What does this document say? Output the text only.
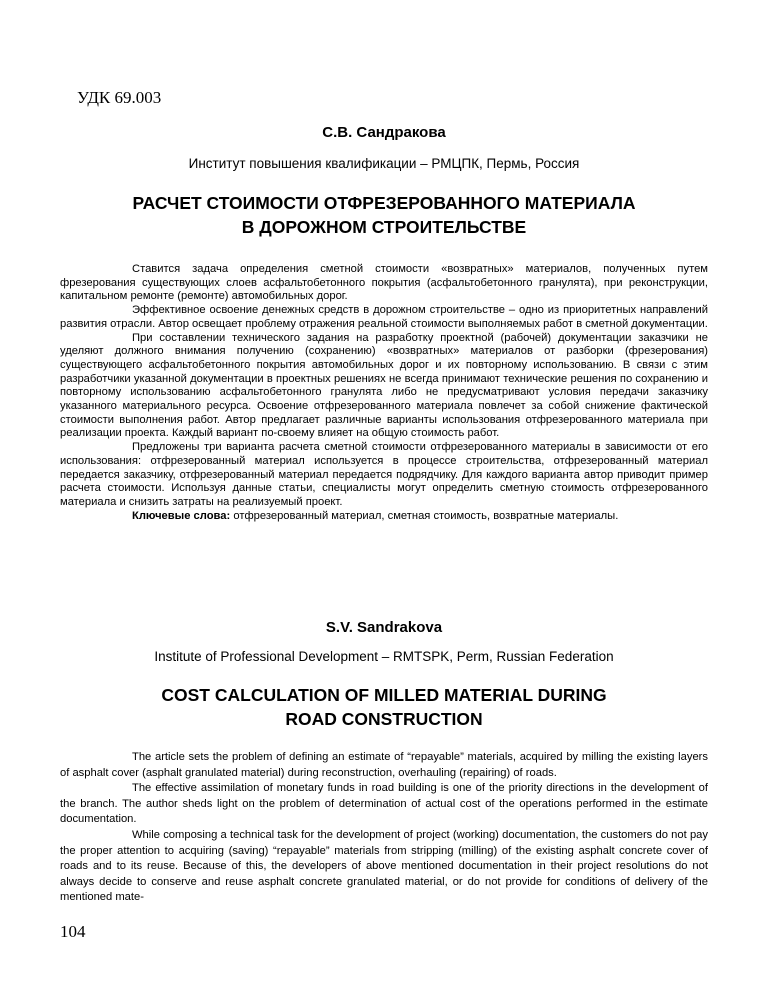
УДК 69.003
С.В. Сандракова
Институт повышения квалификации – РМЦПК, Пермь, Россия
РАСЧЕТ СТОИМОСТИ ОТФРЕЗЕРОВАННОГО МАТЕРИАЛА
В ДОРОЖНОМ СТРОИТЕЛЬСТВЕ

Ставится задача определения сметной стоимости «возвратных» материалов, полученных путем фрезерования существующих слоев асфальтобетонного покрытия (асфальтобетонного гранулята), при реконструкции, капитальном ремонте (ремонте) автомобильных дорог.

Эффективное освоение денежных средств в дорожном строительстве – одно из приоритетных направлений развития отрасли. Автор освещает проблему отражения реальной стоимости выполняемых работ в сметной документации.

При составлении технического задания на разработку проектной (рабочей) документации заказчики не уделяют должного внимания получению (сохранению) «возвратных» материалов от разборки (фрезерования) существующего асфальтобетонного покрытия автомобильных дорог и их повторному использованию. В связи с этим разработчики указанной документации в проектных решениях не всегда принимают технические решения по сохранению и повторному использованию асфальтобетонного гранулята либо не предусматривают условия передачи заказчику указанного материального ресурса. Освоение отфрезерованного материала повлечет за собой снижение фактической стоимости выполнения работ. Автор предлагает различные варианты использования отфрезерованного материала при реализации проекта. Каждый вариант по-своему влияет на общую стоимость работ.

Предложены три варианта расчета сметной стоимости отфрезерованного материалы в зависимости от его использования: отфрезерованный материал используется в процессе строительства, отфрезерованный материал передается заказчику, отфрезерованный материал передается подрядчику. Для каждого варианта автор приводит пример расчета стоимости. Используя данные статьи, специалисты могут определить сметную стоимость отфрезерованного материала и снизить затраты на реализуемый проект.

Ключевые слова: отфрезерованный материал, сметная стоимость, возвратные материалы.

S.V. Sandrakova
Institute of Professional Development – RMTSPK, Perm, Russian Federation
COST CALCULATION OF MILLED MATERIAL DURING
ROAD CONSTRUCTION

The article sets the problem of defining an estimate of “repayable” materials, acquired by milling the existing layers of asphalt cover (asphalt granulated material) during reconstruction, overhauling (repairing) of roads.

The effective assimilation of monetary funds in road building is one of the priority directions in the development of the branch. The author sheds light on the problem of determination of actual cost of the operations performed in the estimate documentation.

While composing a technical task for the development of project (working) documentation, the customers do not pay the proper attention to acquiring (saving) “repayable” materials from stripping (milling) of the existing asphalt concrete cover of roads and to its reuse. Because of this, the developers of above mentioned documentation in their project resolutions do not always decide to conserve and reuse asphalt concrete granulated material, or do not provide for conditions of delivery of the mentioned mate-

104
